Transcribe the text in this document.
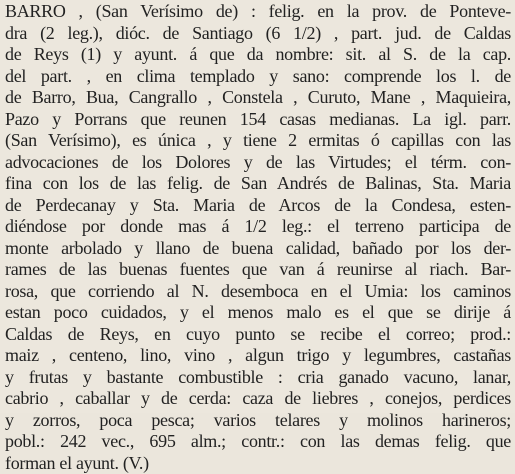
BARRO , (San Verísimo de) : felig. en la prov. de Ponteve-
dra (2 leg.), dióc. de Santiago (6 1/2) , part. jud. de Caldas
de Reys (1) y ayunt. á que da nombre: sit. al S. de la cap.
del part. , en clima templado y sano: comprende los l. de
de Barro, Bua, Cangrallo , Constela , Curuto, Mane , Maquieira,
Pazo y Porrans que reunen 154 casas medianas. La igl. parr.
(San Verísimo), es única , y tiene 2 ermitas ó capillas con las
advocaciones de los Dolores y de las Virtudes; el térm. con-
fina con los de las felig. de San Andrés de Balinas, Sta. Maria
de Perdecanay y Sta. Maria de Arcos de la Condesa, esten-
diéndose por donde mas á 1/2 leg.: el terreno participa de
monte arbolado y llano de buena calidad, bañado por los der-
rames de las buenas fuentes que van á reunirse al riach. Bar-
rosa, que corriendo al N. desemboca en el Umia: los caminos
estan poco cuidados, y el menos malo es el que se dirije á
Caldas de Reys, en cuyo punto se recibe el correo; prod.:
maiz , centeno, lino, vino , algun trigo y legumbres, castañas
y frutas y bastante combustible : cria ganado vacuno, lanar,
cabrio , caballar y de cerda: caza de liebres , conejos, perdices
y zorros, poca pesca; varios telares y molinos harineros;
pobl.: 242 vec., 695 alm.; contr.: con las demas felig. que
forman el ayunt. (V.)
